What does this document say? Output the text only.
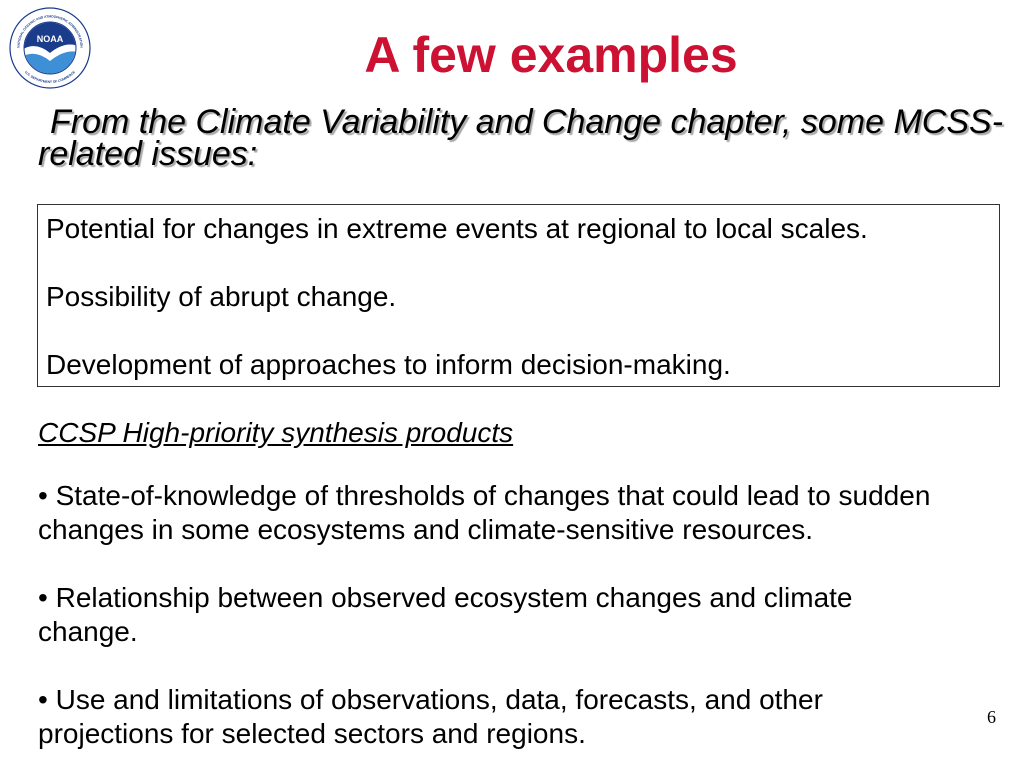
NOAA
NATIONAL OCEANIC AND ATMOSPHERIC ADMINISTRATION
U.S. DEPARTMENT OF COMMERCE	A few examples
From the Climate Variability and Change chapter, some MCSS-
related issues:
Potential for changes in extreme events at regional to local scales.
Possibility of abrupt change.
Development of approaches to inform decision-making.
CCSP High-priority synthesis products

• State-of-knowledge of thresholds of changes that could lead to sudden changes in some ecosystems and climate-sensitive resources.

• Relationship between observed ecosystem changes and climate change.

• Use and limitations of observations, data, forecasts, and other projections for selected sectors and regions.

6
